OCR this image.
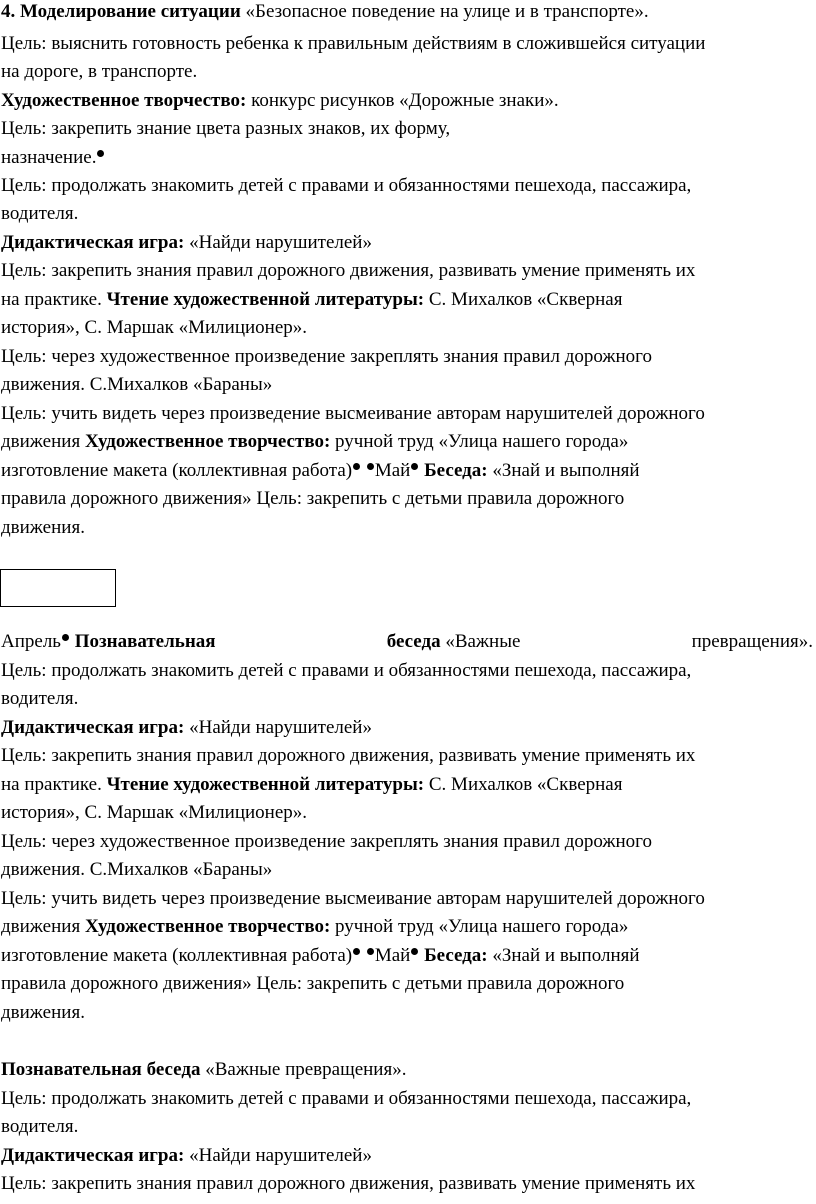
4. Моделирование ситуации «Безопасное поведение на улице и в транспорте».
Цель: выяснить готовность ребенка к правильным действиям в сложившейся ситуации
на дороге, в транспорте.
Художественное творчество: конкурс рисунков «Дорожные знаки».
Цель: закрепить знание цвета разных знаков, их форму,
назначение.
Цель: продолжать знакомить детей с правами и обязанностями пешехода, пассажира,
водителя.
Дидактическая игра: «Найди нарушителей»
Цель: закрепить знания правил дорожного движения, развивать умение применять их
на практике. Чтение художественной литературы: С. Михалков «Скверная
история», С. Маршак «Милиционер».
Цель: через художественное произведение закреплять знания правил дорожного
движения. С.Михалков «Бараны»
Цель: учить видеть через произведение высмеивание авторам нарушителей дорожного
движения Художественное творчество: ручной труд «Улица нашего города»
изготовление макета (коллективная работа) Май Беседа: «Знай и выполняй
правила дорожного движения» Цель: закрепить с детьми правила дорожного
движения.
Апрель Познавательная	беседа «Важные	превращения».
Цель: продолжать знакомить детей с правами и обязанностями пешехода, пассажира,
водителя.
Дидактическая игра: «Найди нарушителей»
Цель: закрепить знания правил дорожного движения, развивать умение применять их
на практике. Чтение художественной литературы: С. Михалков «Скверная
история», С. Маршак «Милиционер».
Цель: через художественное произведение закреплять знания правил дорожного
движения. С.Михалков «Бараны»
Цель: учить видеть через произведение высмеивание авторам нарушителей дорожного
движения Художественное творчество: ручной труд «Улица нашего города»
изготовление макета (коллективная работа) Май Беседа: «Знай и выполняй
правила дорожного движения» Цель: закрепить с детьми правила дорожного
движения.
Познавательная беседа «Важные превращения».
Цель: продолжать знакомить детей с правами и обязанностями пешехода, пассажира,
водителя.
Дидактическая игра: «Найди нарушителей»
Цель: закрепить знания правил дорожного движения, развивать умение применять их
